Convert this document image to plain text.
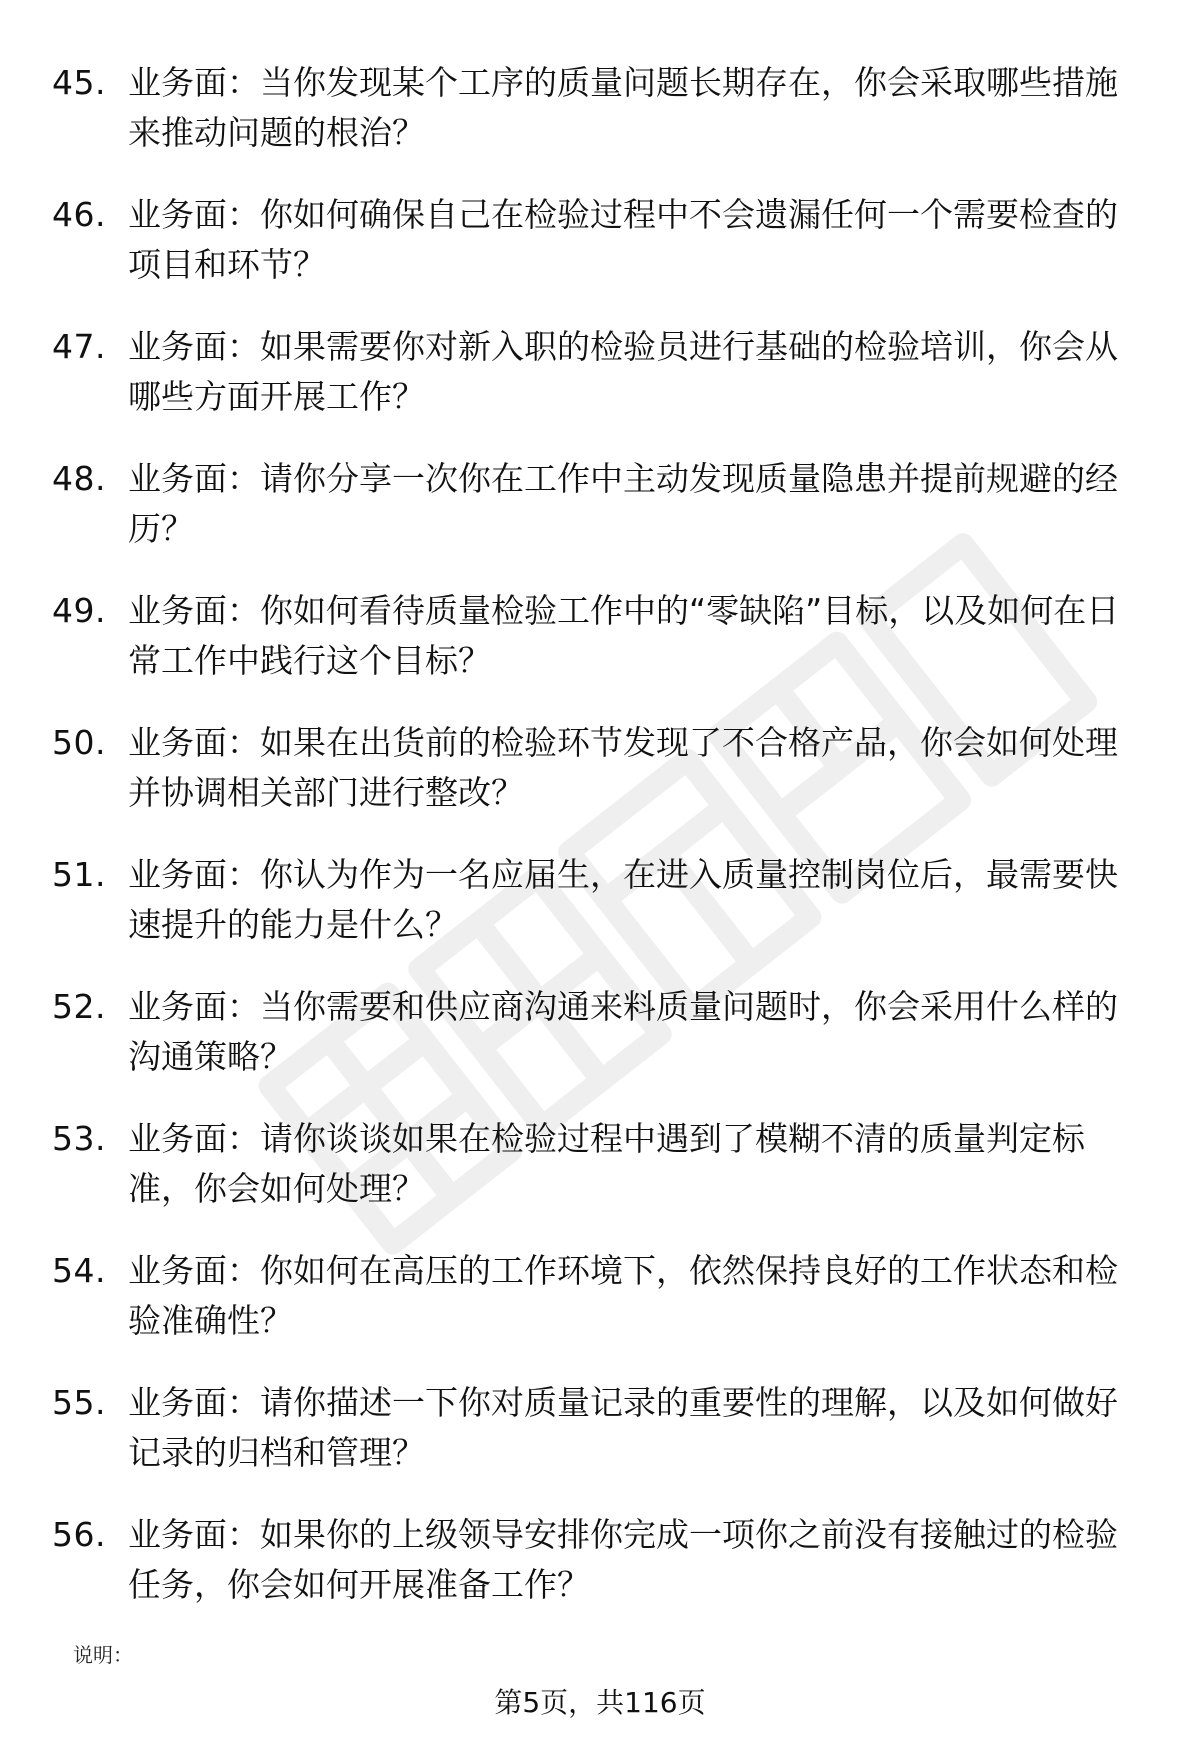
45. 业务面：当你发现某个工序的质量问题长期存在，你会采取哪些措施来推动问题的根治？
46. 业务面：你如何确保自己在检验过程中不会遗漏任何一个需要检查的项目和环节？
47. 业务面：如果需要你对新入职的检验员进行基础的检验培训，你会从哪些方面开展工作？
48. 业务面：请你分享一次你在工作中主动发现质量隐患并提前规避的经历？
49. 业务面：你如何看待质量检验工作中的“零缺陷”目标，以及如何在日常工作中践行这个目标？
50. 业务面：如果在出货前的检验环节发现了不合格产品，你会如何处理并协调相关部门进行整改？
51. 业务面：你认为作为一名应届生，在进入质量控制岗位后，最需要快速提升的能力是什么？
52. 业务面：当你需要和供应商沟通来料质量问题时，你会采用什么样的沟通策略？
53. 业务面：请你谈谈如果在检验过程中遇到了模糊不清的质量判定标准，你会如何处理？
54. 业务面：你如何在高压的工作环境下，依然保持良好的工作状态和检验准确性？
55. 业务面：请你描述一下你对质量记录的重要性的理解，以及如何做好记录的归档和管理？
56. 业务面：如果你的上级领导安排你完成一项你之前没有接触过的检验任务，你会如何开展准备工作？
说明：
第5页，共116页
